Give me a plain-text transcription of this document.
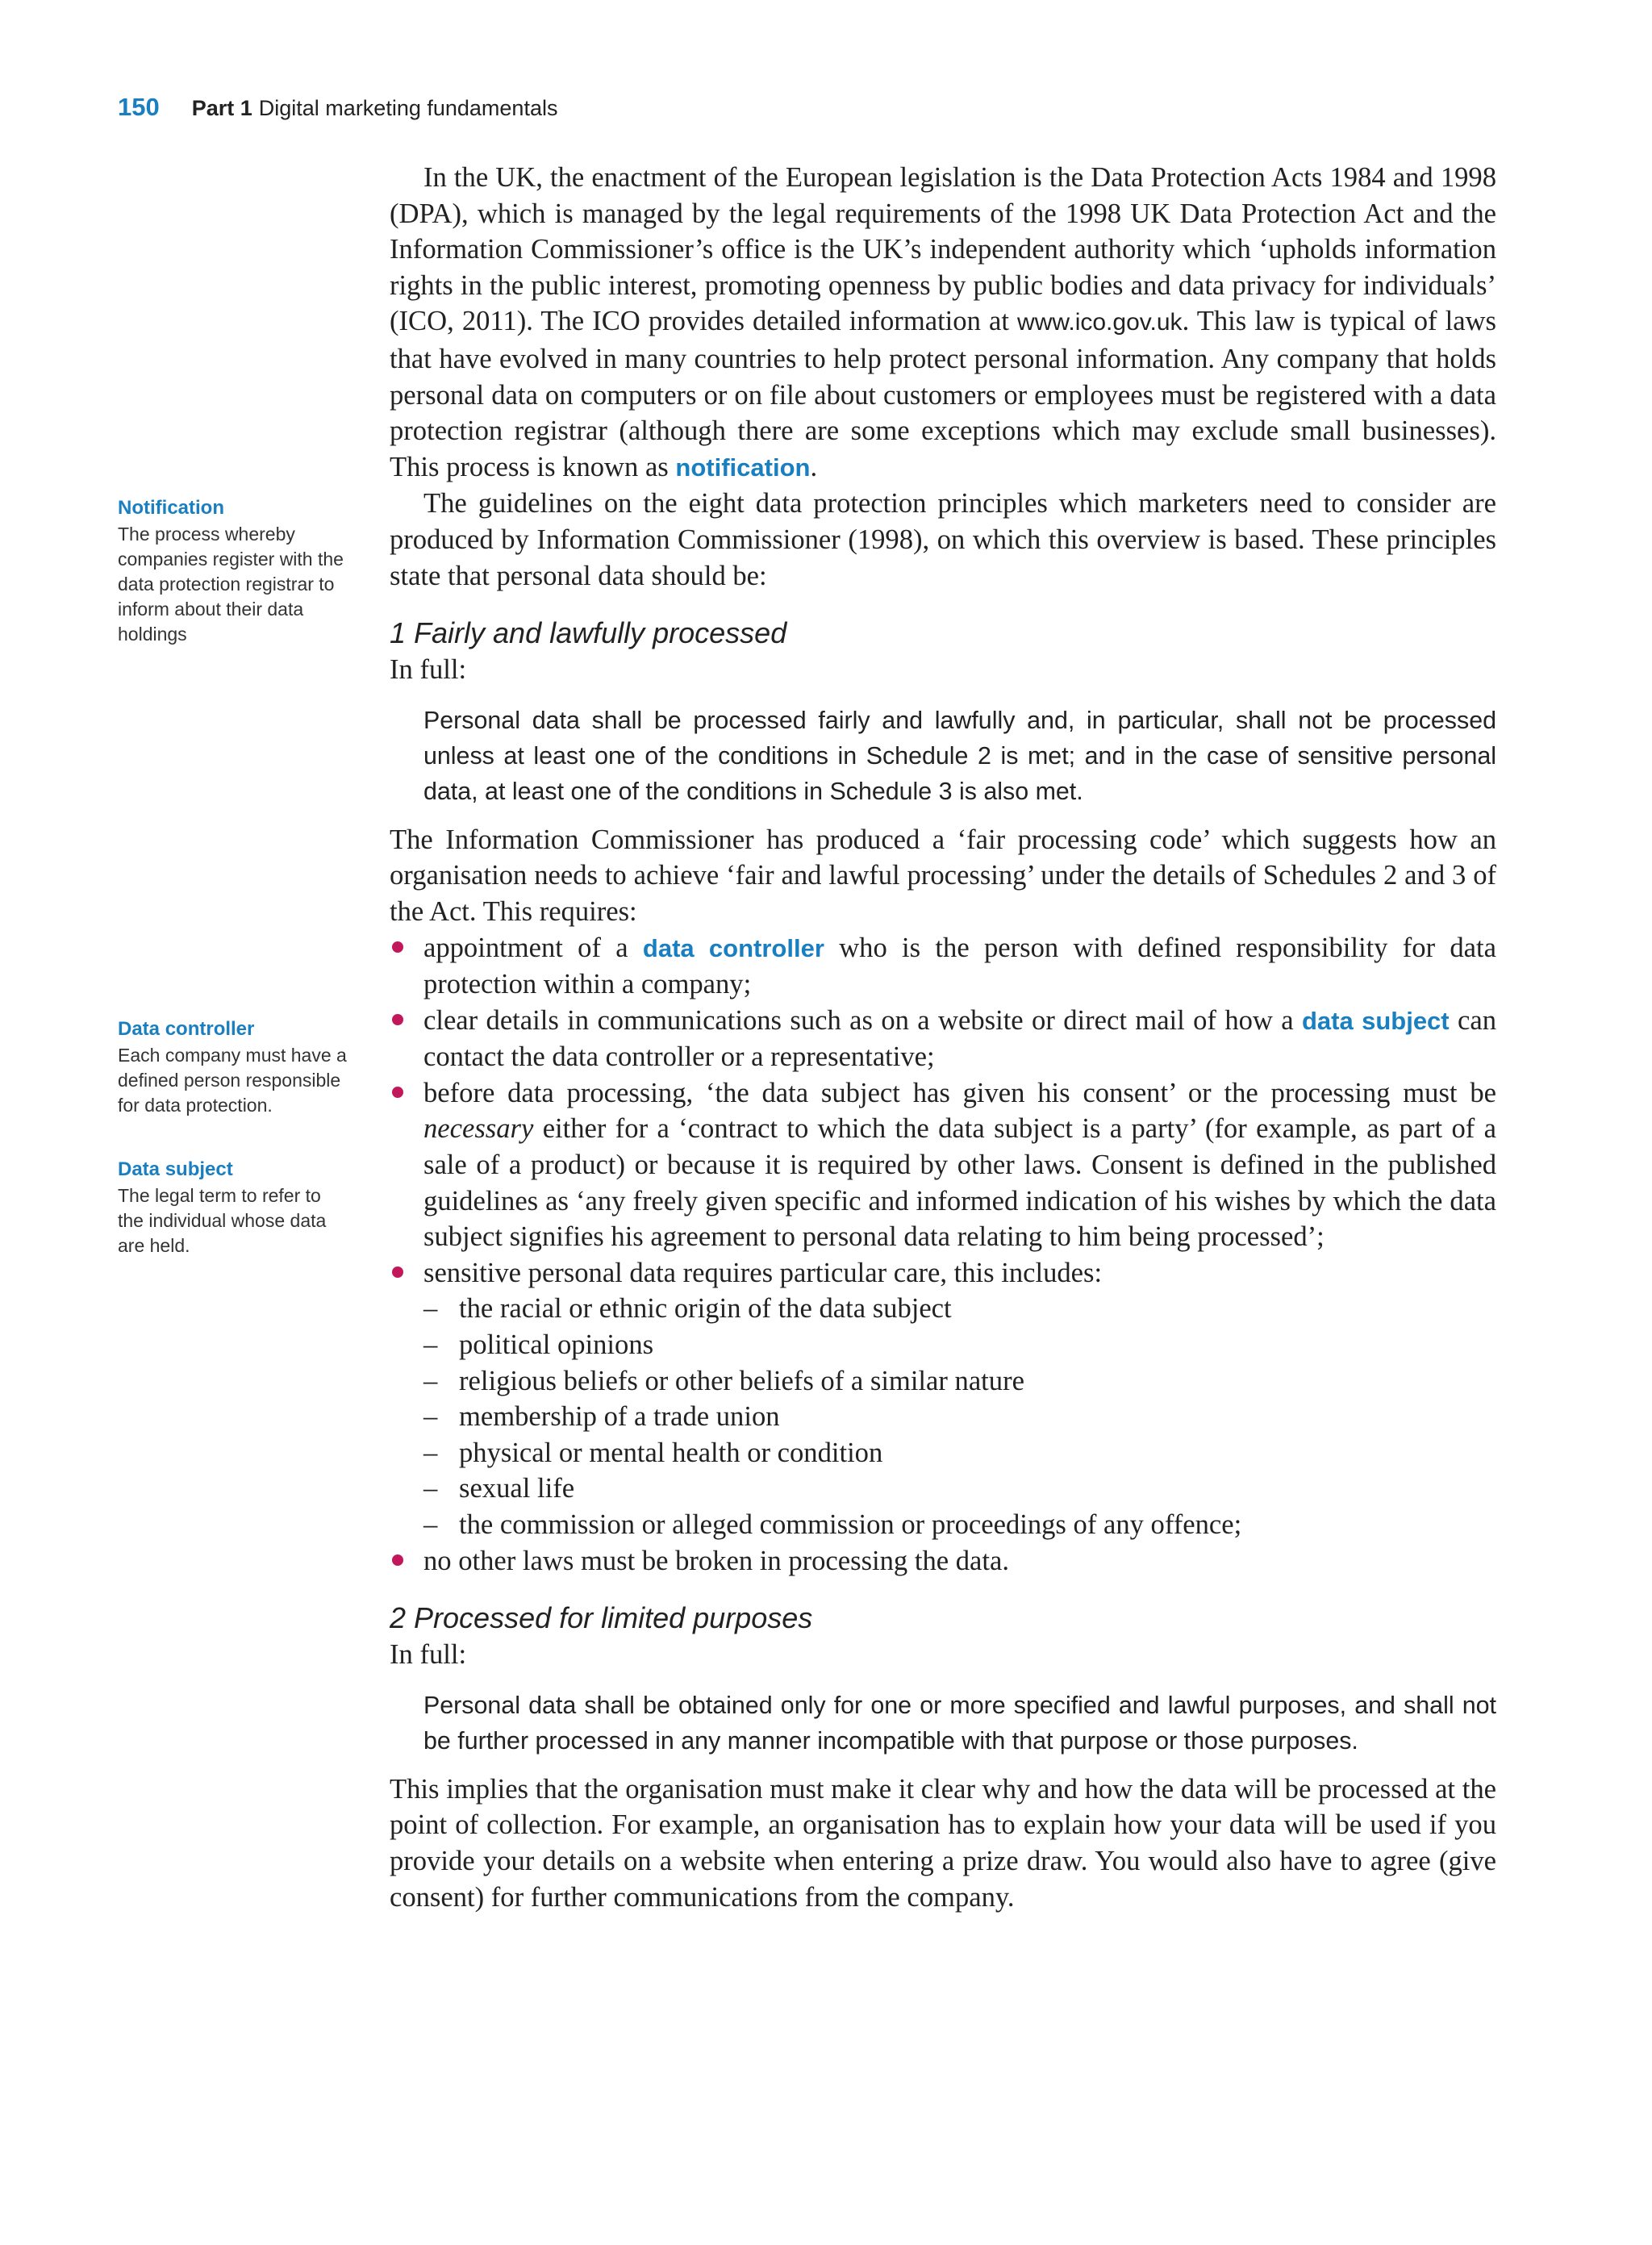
150 Part 1 Digital marketing fundamentals
Notification
The process whereby companies register with the data protection registrar to inform about their data holdings
Data controller
Each company must have a defined person responsible for data protection.
Data subject
The legal term to refer to the individual whose data are held.

In the UK, the enactment of the European legislation is the Data Protection Acts 1984 and 1998 (DPA), which is managed by the legal requirements of the 1998 UK Data Protection Act and the Information Commissioner’s office is the UK’s independent authority which ‘upholds information rights in the public interest, promoting openness by public bodies and data privacy for individuals’ (ICO, 2011). The ICO provides detailed information at www.ico.gov.uk. This law is typical of laws that have evolved in many countries to help protect personal information. Any company that holds personal data on computers or on file about customers or employees must be registered with a data protection registrar (although there are some exceptions which may exclude small businesses). This process is known as notification.

The guidelines on the eight data protection principles which marketers need to consider are produced by Information Commissioner (1998), on which this overview is based. These principles state that personal data should be:

1 Fairly and lawfully processed

In full:

Personal data shall be processed fairly and lawfully and, in particular, shall not be processed unless at least one of the conditions in Schedule 2 is met; and in the case of sensitive personal data, at least one of the conditions in Schedule 3 is also met.

The Information Commissioner has produced a ‘fair processing code’ which suggests how an organisation needs to achieve ‘fair and lawful processing’ under the details of Schedules 2 and 3 of the Act. This requires:

appointment of a data controller who is the person with defined responsibility for data protection within a company;
clear details in communications such as on a website or direct mail of how a data subject can contact the data controller or a representative;
before data processing, ‘the data subject has given his consent’ or the processing must be necessary either for a ‘contract to which the data subject is a party’ (for example, as part of a sale of a product) or because it is required by other laws. Consent is defined in the published guidelines as ‘any freely given specific and informed indication of his wishes by which the data subject signifies his agreement to personal data relating to him being processed’;
sensitive personal data requires particular care, this includes:
– the racial or ethnic origin of the data subject
– political opinions
– religious beliefs or other beliefs of a similar nature
– membership of a trade union
– physical or mental health or condition
– sexual life
– the commission or alleged commission or proceedings of any offence;
no other laws must be broken in processing the data.
2 Processed for limited purposes

In full:

Personal data shall be obtained only for one or more specified and lawful purposes, and shall not be further processed in any manner incompatible with that purpose or those purposes.

This implies that the organisation must make it clear why and how the data will be processed at the point of collection. For example, an organisation has to explain how your data will be used if you provide your details on a website when entering a prize draw. You would also have to agree (give consent) for further communications from the company.
